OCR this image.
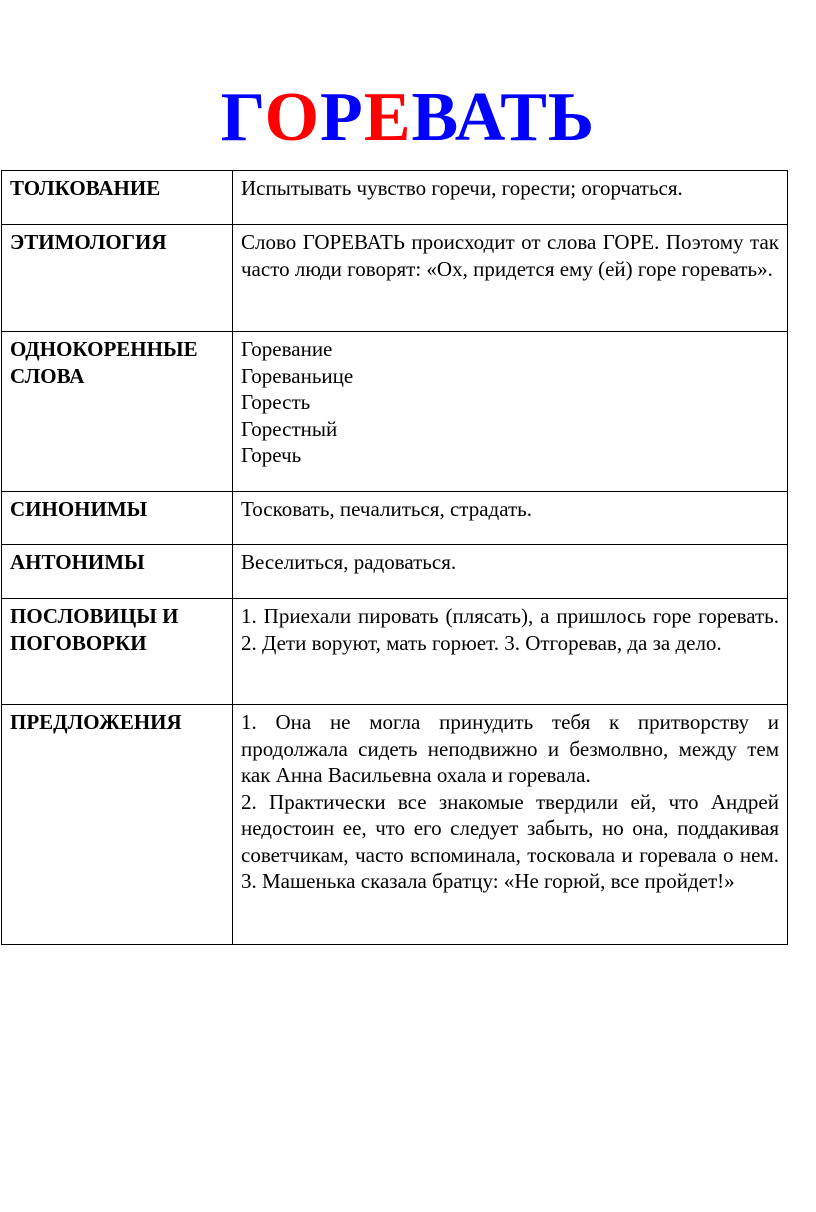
ГОРЕВАТЬ
ТОЛКОВАНИЕ	Испытывать чувство горечи, горести; огорчаться.
ЭТИМОЛОГИЯ	Слово ГОРЕВАТЬ происходит от слова ГОРЕ. Поэтому так часто люди говорят: «Ох, придется ему (ей) горе горевать».
ОДНОКОРЕННЫЕ СЛОВА	Горевание
Гореваньице
Горесть
Горестный
Горечь

СИНОНИМЫ	Тосковать, печалиться, страдать.
АНТОНИМЫ	Веселиться, радоваться.
ПОСЛОВИЦЫ И ПОГОВОРКИ	1. Приехали пировать (плясать), а пришлось горе горевать. 2. Дети воруют, мать горюет. 3. Отгоревав, да за дело.
ПРЕДЛОЖЕНИЯ	1. Она не могла принудить тебя к притворству и продолжала сидеть неподвижно и безмолвно, между тем как Анна Васильевна охала и горевала.
2. Практически все знакомые твердили ей, что Андрей недостоин ее, что его следует забыть, но она, поддакивая советчикам, часто вспоминала, тосковала и горевала о нем. 3. Машенька сказала братцу: «Не горюй, все пройдет!»
